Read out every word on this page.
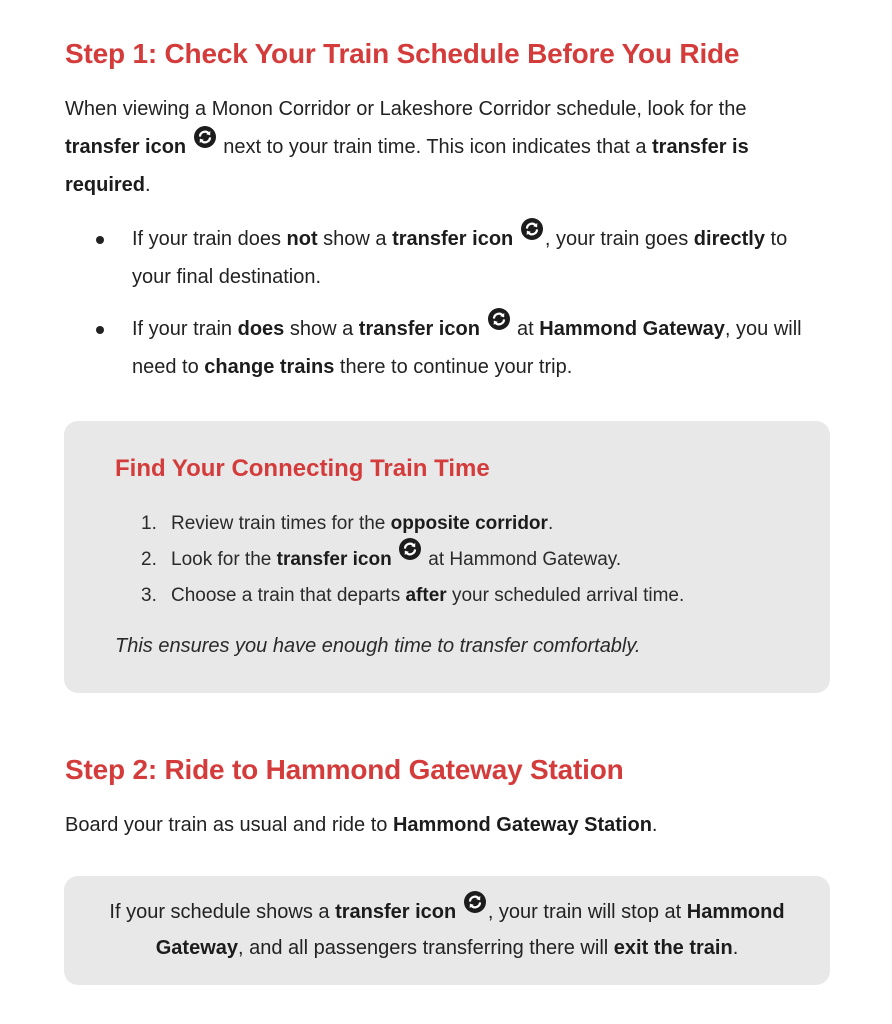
Step 1: Check Your Train Schedule Before You Ride

When viewing a Monon Corridor or Lakeshore Corridor schedule, look for the transfer icon
next to your train time. This icon indicates that a transfer is required.

If your train does not show a transfer icon , your train goes directly to your final destination.
If your train does show a transfer icon
at Hammond Gateway, you will need to change trains there to continue your trip.
Find Your Connecting Train Time
1. Review train times for the opposite corridor.
2. Look for the transfer icon
at Hammond Gateway.
3. Choose a train that departs after your scheduled arrival time.

This ensures you have enough time to transfer comfortably.

Step 2: Ride to Hammond Gateway Station

Board your train as usual and ride to Hammond Gateway Station.

If your schedule shows a transfer icon , your train will stop at Hammond Gateway, and all passengers transferring there will exit the train.
